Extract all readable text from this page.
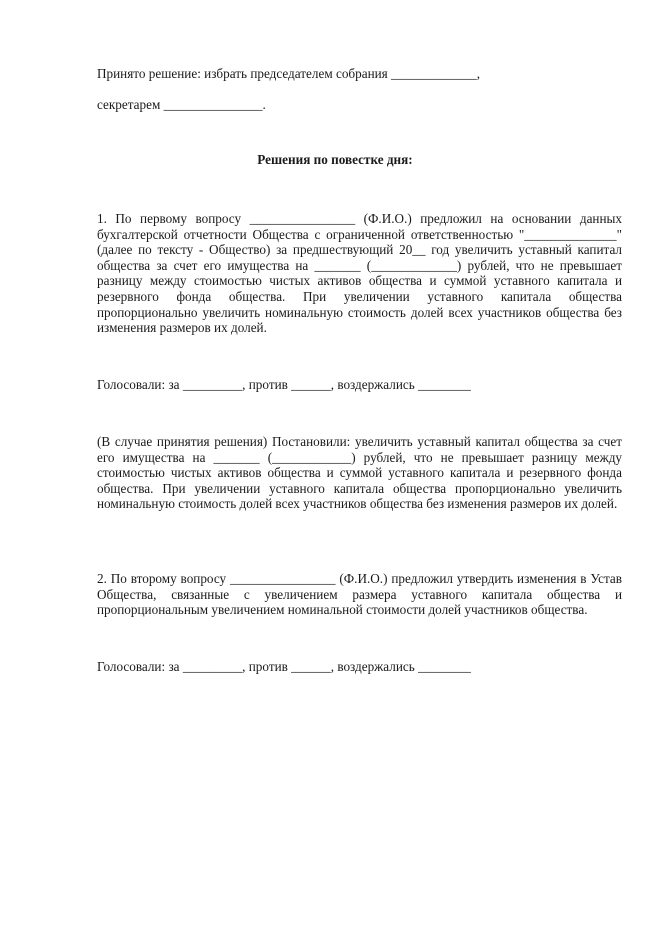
Принято решение: избрать председателем собрания _____________,
секретарем _______________.
Решения по повестке дня:
1. По первому вопросу ________________ (Ф.И.О.) предложил на основании данных бухгалтерской отчетности Общества с ограниченной ответственностью "______________" (далее по тексту - Общество) за предшествующий 20__ год увеличить уставный капитал общества за счет его имущества на _______ (_____________) рублей, что не превышает разницу между стоимостью чистых активов общества и суммой уставного капитала и резервного фонда общества. При увеличении уставного капитала общества пропорционально увеличить номинальную стоимость долей всех участников общества без изменения размеров их долей.
Голосовали: за _________, против ______, воздержались ________
(В случае принятия решения) Постановили: увеличить уставный капитал общества за счет его имущества на _______ (____________) рублей, что не превышает разницу между стоимостью чистых активов общества и суммой уставного капитала и резервного фонда общества. При увеличении уставного капитала общества пропорционально увеличить номинальную стоимость долей всех участников общества без изменения размеров их долей.
2. По второму вопросу ________________ (Ф.И.О.) предложил утвердить изменения в Устав Общества, связанные с увеличением размера уставного капитала общества и пропорциональным увеличением номинальной стоимости долей участников общества.
Голосовали: за _________, против ______, воздержались ________
